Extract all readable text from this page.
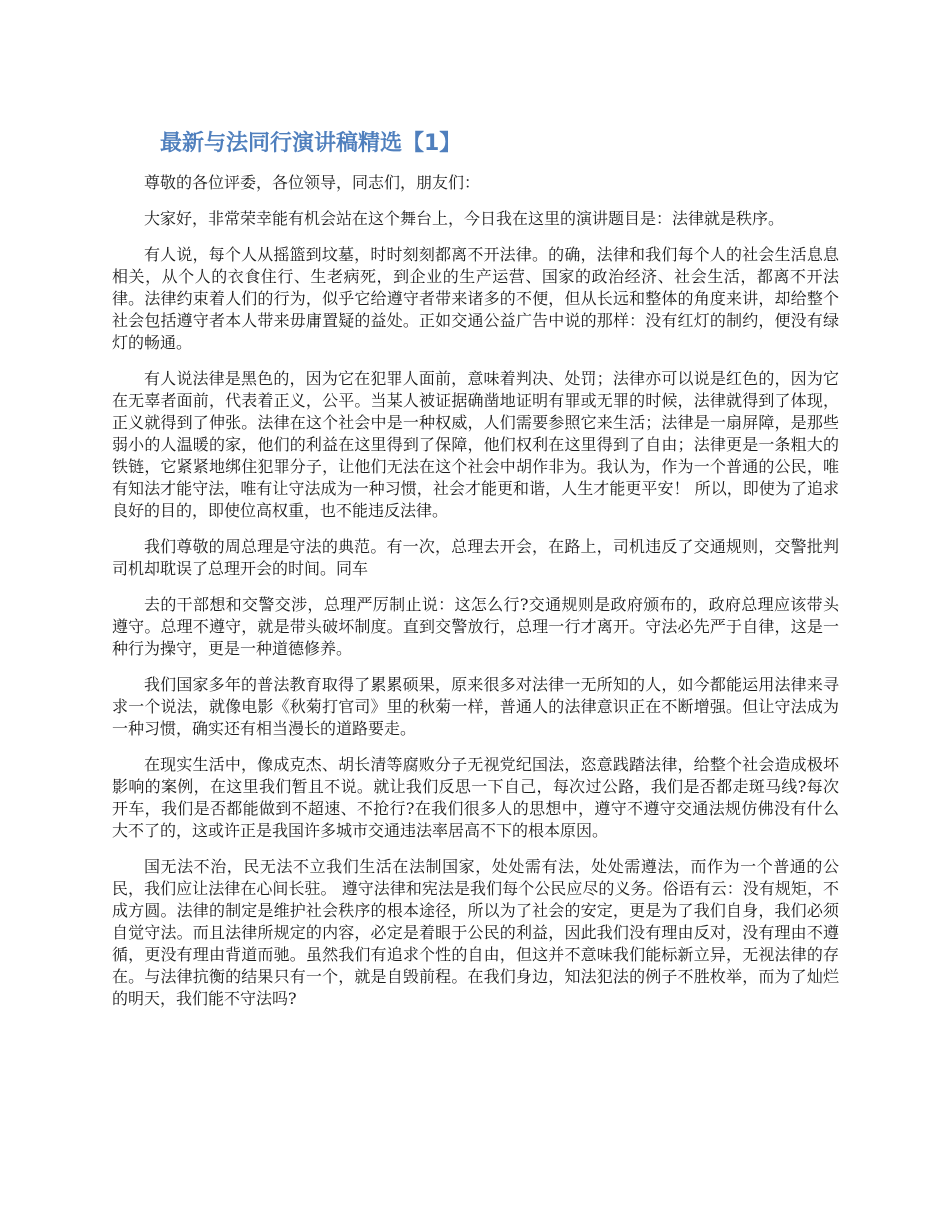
最新与法同行演讲稿精选【1】

尊敬的各位评委，各位领导，同志们，朋友们：

大家好，非常荣幸能有机会站在这个舞台上，今日我在这里的演讲题目是：法律就是秩序。

有人说，每个人从摇篮到坟墓，时时刻刻都离不开法律。的确，法律和我们每个人的社会生活息息相关，从个人的衣食住行、生老病死，到企业的生产运营、国家的政治经济、社会生活，都离不开法律。法律约束着人们的行为，似乎它给遵守者带来诸多的不便，但从长远和整体的角度来讲，却给整个社会包括遵守者本人带来毋庸置疑的益处。正如交通公益广告中说的那样：没有红灯的制约，便没有绿灯的畅通。

有人说法律是黑色的，因为它在犯罪人面前，意味着判决、处罚；法律亦可以说是红色的，因为它在无辜者面前，代表着正义，公平。当某人被证据确凿地证明有罪或无罪的时候，法律就得到了体现，正义就得到了伸张。法律在这个社会中是一种权威，人们需要参照它来生活；法律是一扇屏障，是那些弱小的人温暖的家，他们的利益在这里得到了保障，他们权利在这里得到了自由；法律更是一条粗大的铁链，它紧紧地绑住犯罪分子，让他们无法在这个社会中胡作非为。我认为，作为一个普通的公民，唯有知法才能守法，唯有让守法成为一种习惯，社会才能更和谐，人生才能更平安！ 所以，即使为了追求良好的目的，即使位高权重，也不能违反法律。

我们尊敬的周总理是守法的典范。有一次，总理去开会，在路上，司机违反了交通规则，交警批判司机却耽误了总理开会的时间。同车

去的干部想和交警交涉，总理严厉制止说：这怎么行?交通规则是政府颁布的，政府总理应该带头遵守。总理不遵守，就是带头破坏制度。直到交警放行，总理一行才离开。守法必先严于自律，这是一种行为操守，更是一种道德修养。

我们国家多年的普法教育取得了累累硕果，原来很多对法律一无所知的人，如今都能运用法律来寻求一个说法，就像电影《秋菊打官司》里的秋菊一样，普通人的法律意识正在不断增强。但让守法成为一种习惯，确实还有相当漫长的道路要走。

在现实生活中，像成克杰、胡长清等腐败分子无视党纪国法，恣意践踏法律，给整个社会造成极坏影响的案例，在这里我们暂且不说。就让我们反思一下自己，每次过公路，我们是否都走斑马线?每次开车，我们是否都能做到不超速、不抢行?在我们很多人的思想中，遵守不遵守交通法规仿佛没有什么大不了的，这或许正是我国许多城市交通违法率居高不下的根本原因。

国无法不治，民无法不立我们生活在法制国家，处处需有法，处处需遵法，而作为一个普通的公民，我们应让法律在心间长驻。 遵守法律和宪法是我们每个公民应尽的义务。俗语有云：没有规矩，不成方圆。法律的制定是维护社会秩序的根本途径，所以为了社会的安定，更是为了我们自身，我们必须自觉守法。而且法律所规定的内容，必定是着眼于公民的利益，因此我们没有理由反对，没有理由不遵循，更没有理由背道而驰。虽然我们有追求个性的自由，但这并不意味我们能标新立异，无视法律的存在。与法律抗衡的结果只有一个，就是自毁前程。在我们身边，知法犯法的例子不胜枚举，而为了灿烂的明天，我们能不守法吗?
